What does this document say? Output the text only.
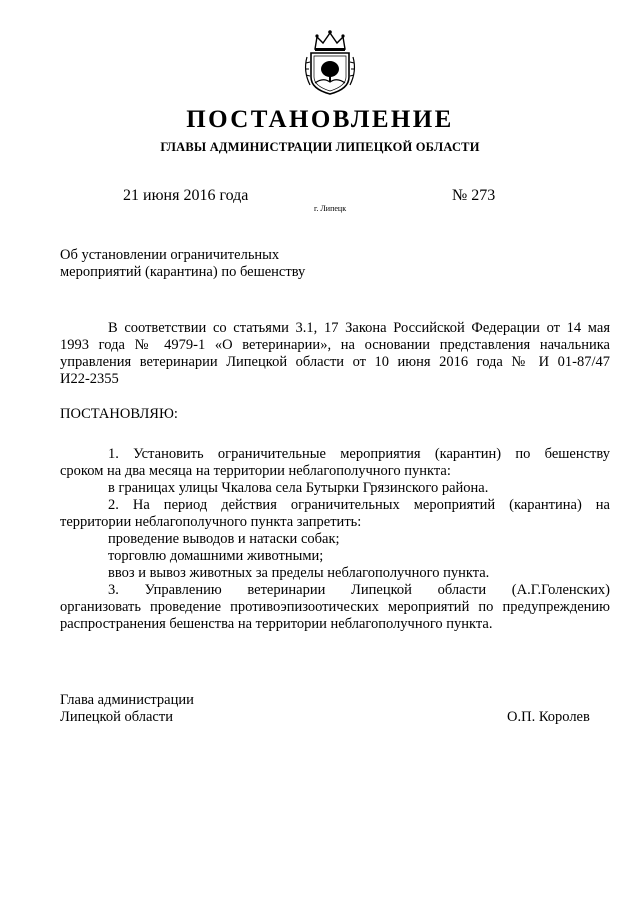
ПОСТАНОВЛЕНИЕ
ГЛАВЫ АДМИНИСТРАЦИИ ЛИПЕЦКОЙ ОБЛАСТИ
21 июня 2016 года
г. Липецк
№ 273
Об установлении ограничительных
мероприятий (карантина) по бешенству
В соответствии со статьями 3.1, 17 Закона Российской Федерации от 14 мая
1993 года № 4979-1 «О ветеринарии», на основании представления начальника
управления ветеринарии Липецкой области от 10 июня 2016 года № И 01-87/47
И22-2355
ПОСТАНОВЛЯЮ:
1. Установить ограничительные мероприятия (карантин) по бешенству
сроком на два месяца на территории неблагополучного пункта:
в границах улицы Чкалова села Бутырки Грязинского района.
2. На период действия ограничительных мероприятий (карантина) на
территории неблагополучного пункта запретить:
проведение выводов и натаски собак;
торговлю домашними животными;
ввоз и вывоз животных за пределы неблагополучного пункта.
3. Управлению ветеринарии Липецкой области (А.Г.Голенских)
организовать проведение противоэпизоотических мероприятий по предупреждению
распространения бешенства на территории неблагополучного пункта.
Глава администрации
Липецкой области	О.П. Королев
